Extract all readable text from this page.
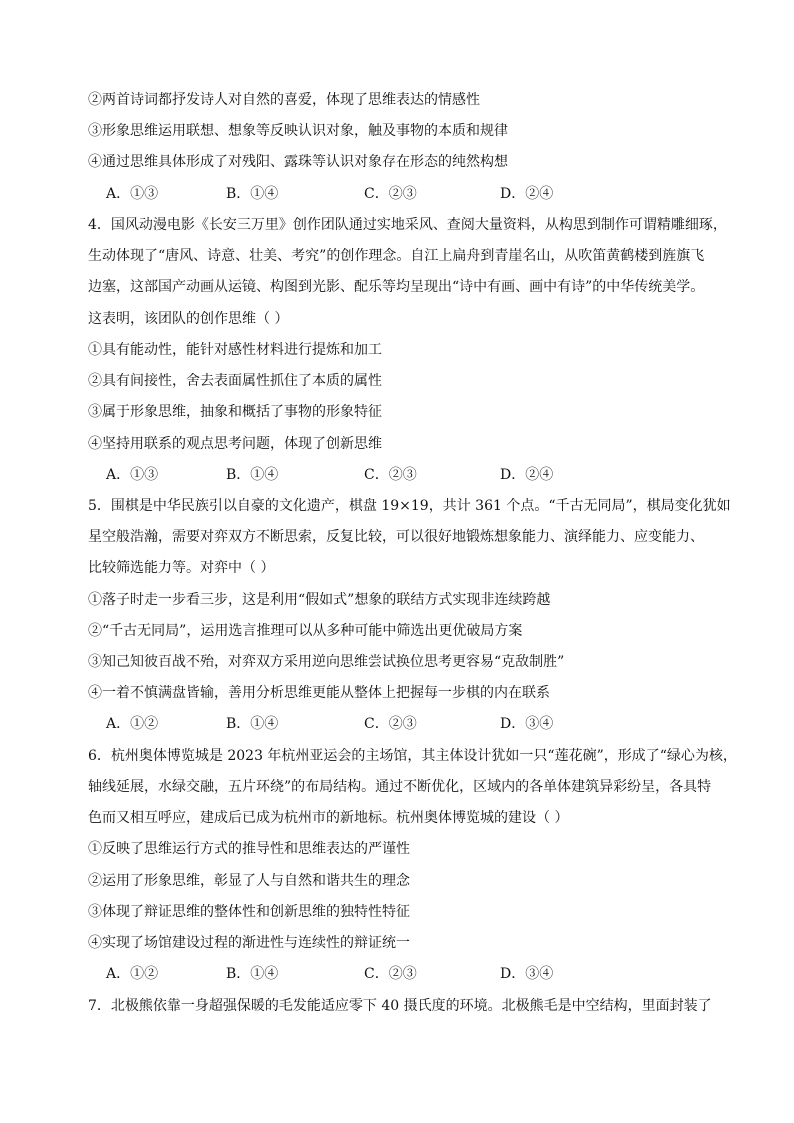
②两首诗词都抒发诗人对自然的喜爱，体现了思维表达的情感性
③形象思维运用联想、想象等反映认识对象，触及事物的本质和规律
④通过思维具体形成了对残阳、露珠等认识对象存在形态的纯然构想
A．①③	B．①④	C．②③	D．②④
4．国风动漫电影《长安三万里》创作团队通过实地采风、查阅大量资料，从构思到制作可谓精雕细琢，
生动体现了“唐风、诗意、壮美、考究”的创作理念。自江上扁舟到青崖名山，从吹笛黄鹤楼到旌旗飞
边塞，这部国产动画从运镜、构图到光影、配乐等均呈现出“诗中有画、画中有诗”的中华传统美学。
这表明，该团队的创作思维（ ）
①具有能动性，能针对感性材料进行提炼和加工
②具有间接性，舍去表面属性抓住了本质的属性
③属于形象思维，抽象和概括了事物的形象特征
④坚持用联系的观点思考问题，体现了创新思维
A．①③	B．①④	C．②③	D．②④
5．围棋是中华民族引以自豪的文化遗产，棋盘 19×19，共计 361 个点。“千古无同局”，棋局变化犹如
星空般浩瀚，需要对弈双方不断思索，反复比较，可以很好地锻炼想象能力、演绎能力、应变能力、
比较筛选能力等。对弈中（ ）
①落子时走一步看三步，这是利用“假如式”想象的联结方式实现非连续跨越
②“千古无同局”，运用选言推理可以从多种可能中筛选出更优破局方案
③知己知彼百战不殆，对弈双方采用逆向思维尝试换位思考更容易“克敌制胜”
④一着不慎满盘皆输，善用分析思维更能从整体上把握每一步棋的内在联系
A．①②	B．①④	C．②③	D．③④
6．杭州奥体博览城是 2023 年杭州亚运会的主场馆，其主体设计犹如一只“莲花碗”，形成了“绿心为核，
轴线延展，水绿交融，五片环绕”的布局结构。通过不断优化，区域内的各单体建筑异彩纷呈，各具特
色而又相互呼应，建成后已成为杭州市的新地标。杭州奥体博览城的建设（ ）
①反映了思维运行方式的推导性和思维表达的严谨性
②运用了形象思维，彰显了人与自然和谐共生的理念
③体现了辩证思维的整体性和创新思维的独特性特征
④实现了场馆建设过程的渐进性与连续性的辩证统一
A．①②	B．①④	C．②③	D．③④
7．北极熊依靠一身超强保暖的毛发能适应零下 40 摄氏度的环境。北极熊毛是中空结构，里面封装了
